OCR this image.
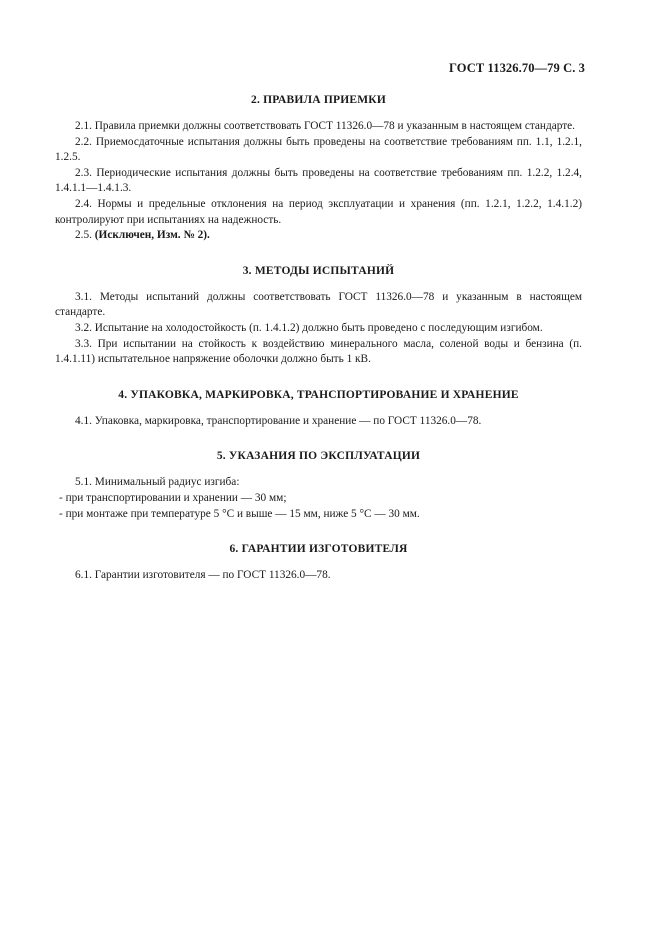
ГОСТ 11326.70—79 С. 3
2. ПРАВИЛА ПРИЕМКИ

2.1. Правила приемки должны соответствовать ГОСТ 11326.0—78 и указанным в настоящем стандарте.

2.2. Приемосдаточные испытания должны быть проведены на соответствие требованиям пп. 1.1, 1.2.1, 1.2.5.

2.3. Периодические испытания должны быть проведены на соответствие требованиям пп. 1.2.2, 1.2.4, 1.4.1.1—1.4.1.3.

2.4. Нормы и предельные отклонения на период эксплуатации и хранения (пп. 1.2.1, 1.2.2, 1.4.1.2) контролируют при испытаниях на надежность.

2.5. (Исключен, Изм. № 2).

3. МЕТОДЫ ИСПЫТАНИЙ

3.1. Методы испытаний должны соответствовать ГОСТ 11326.0—78 и указанным в настоящем стандарте.

3.2. Испытание на холодостойкость (п. 1.4.1.2) должно быть проведено с последующим изгибом.

3.3. При испытании на стойкость к воздействию минерального масла, соленой воды и бензина (п. 1.4.1.11) испытательное напряжение оболочки должно быть 1 кВ.

4. УПАКОВКА, МАРКИРОВКА, ТРАНСПОРТИРОВАНИЕ И ХРАНЕНИЕ

4.1. Упаковка, маркировка, транспортирование и хранение — по ГОСТ 11326.0—78.

5. УКАЗАНИЯ ПО ЭКСПЛУАТАЦИИ

5.1. Минимальный радиус изгиба:

- при транспортировании и хранении — 30 мм;

- при монтаже при температуре 5 °С и выше — 15 мм, ниже 5 °С — 30 мм.

6. ГАРАНТИИ ИЗГОТОВИТЕЛЯ

6.1. Гарантии изготовителя — по ГОСТ 11326.0—78.
